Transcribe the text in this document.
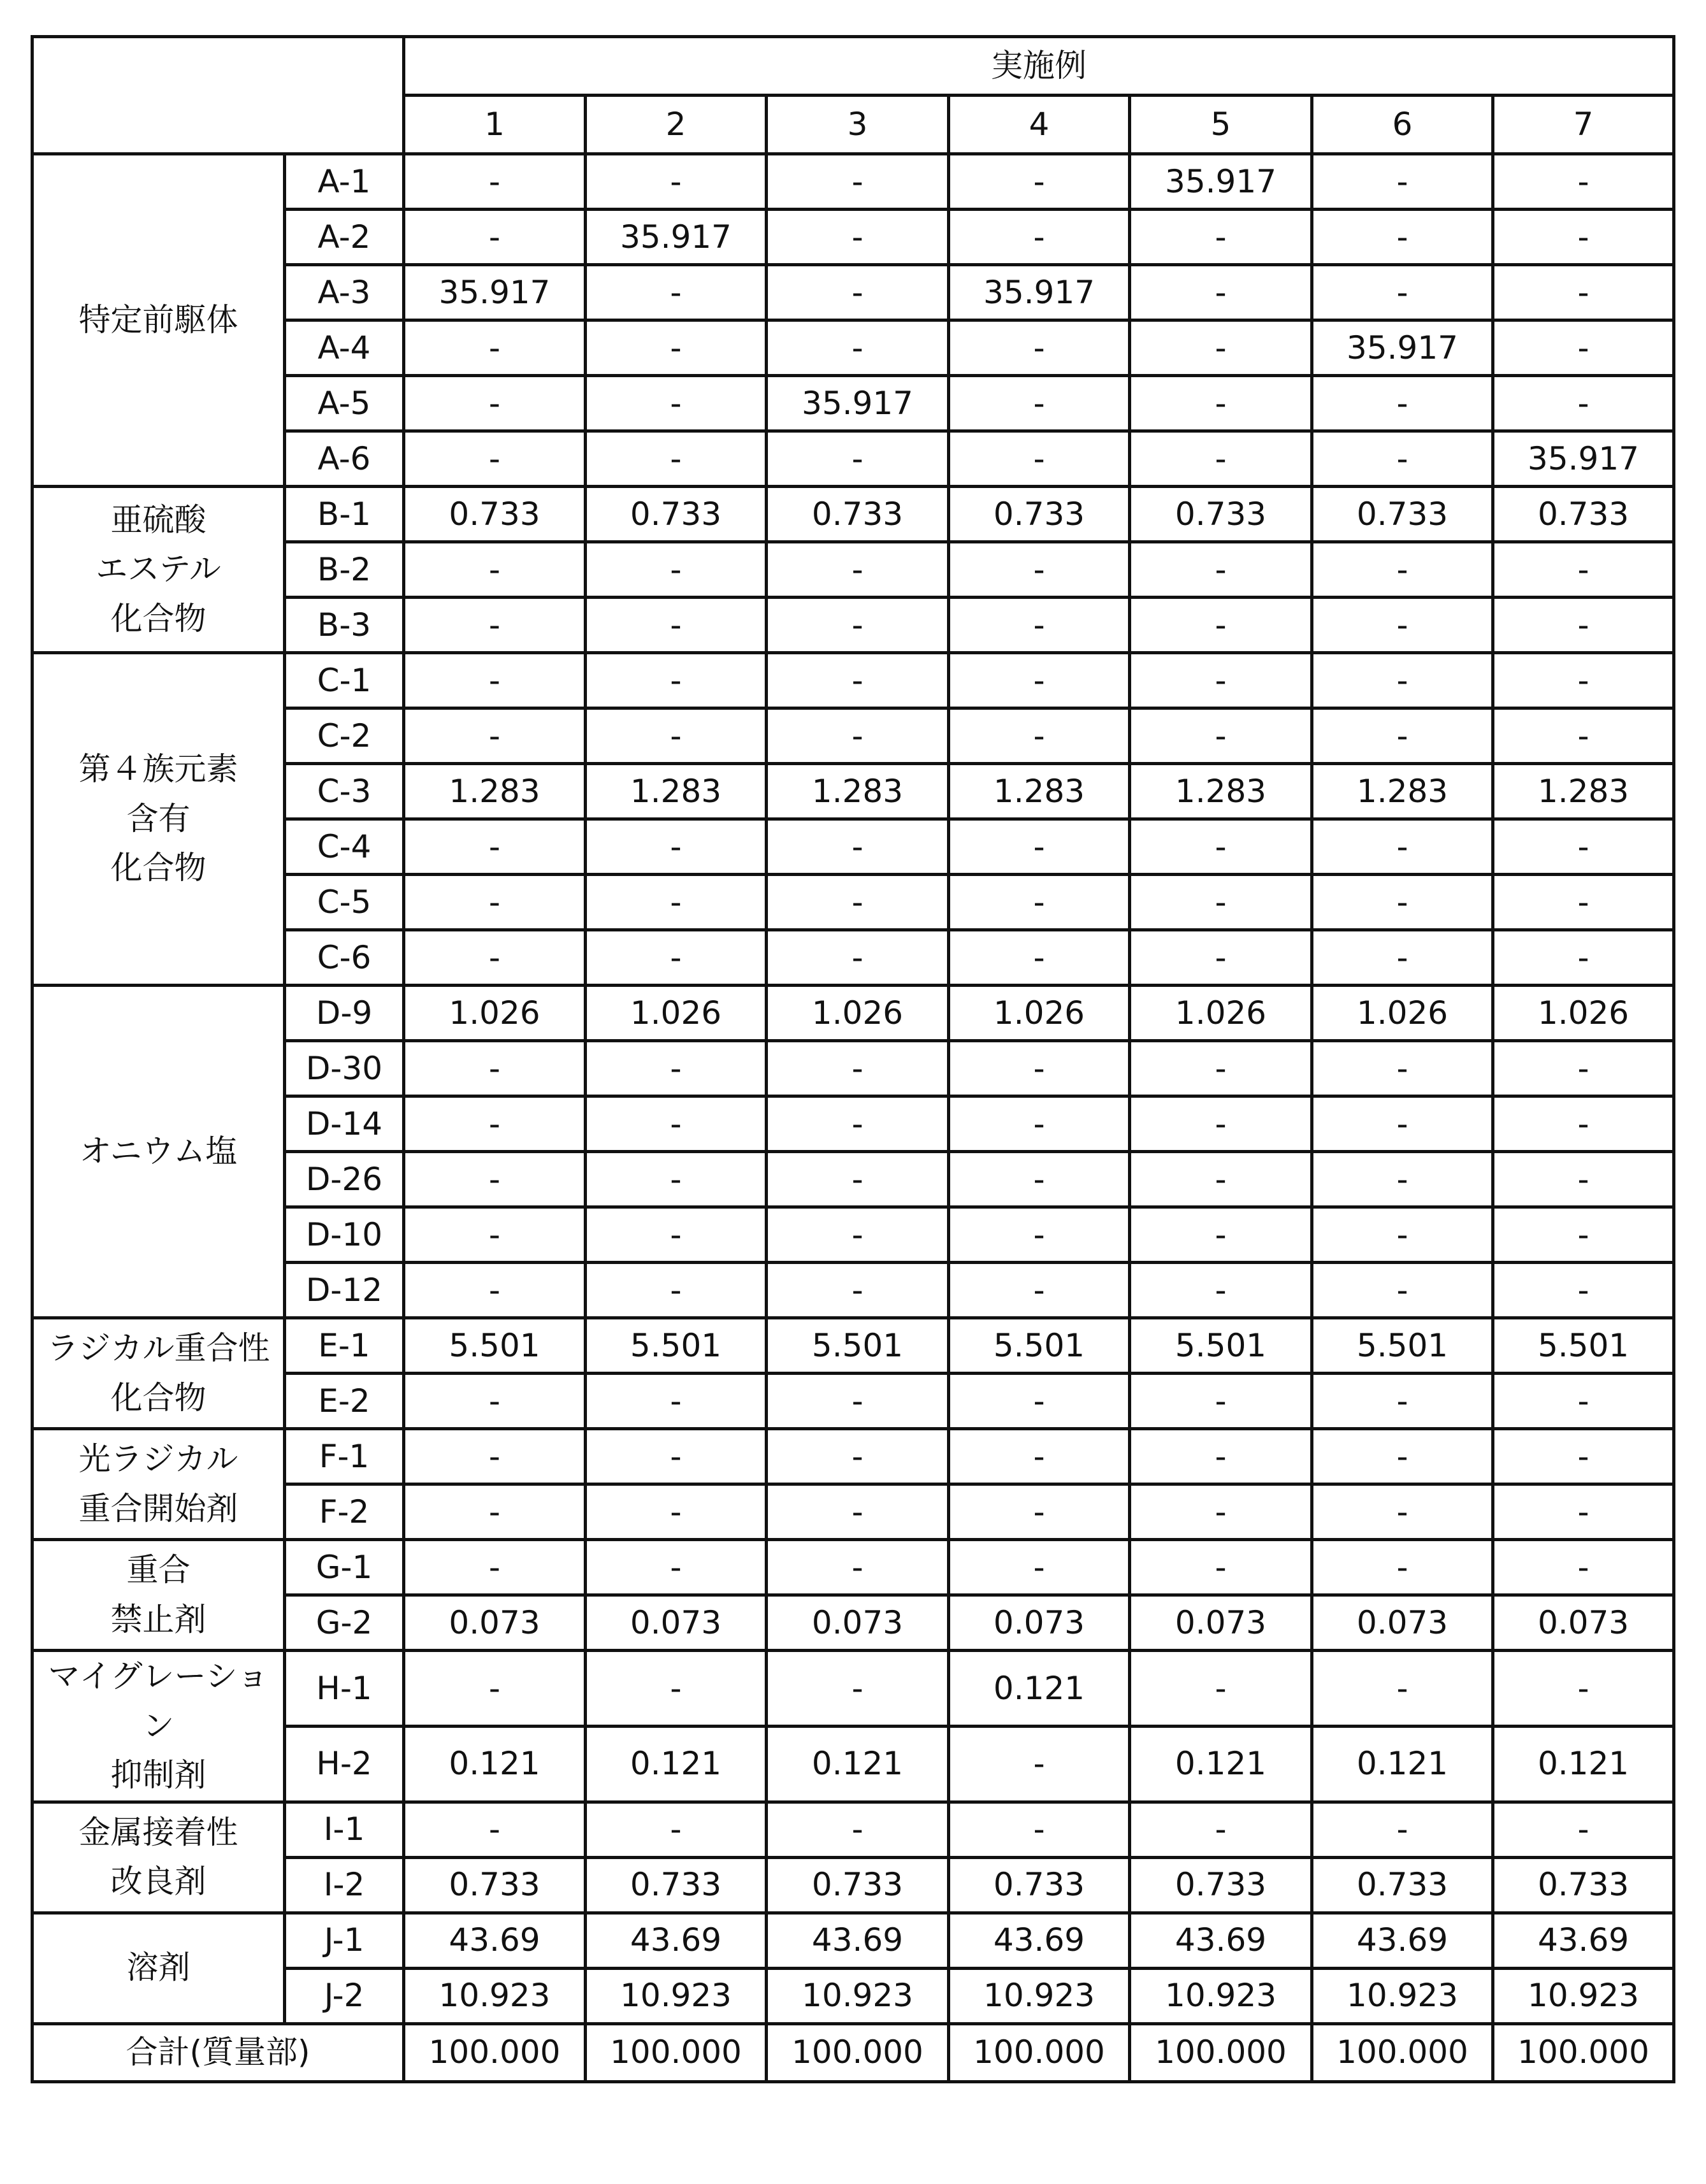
	実施例
1	2	3	4	5	6	7

特定前駆体
	A-1	-	-	-	-	35.917	-	-
A-2	-	35.917	-	-	-	-	-
A-3	35.917	-	-	35.917	-	-	-
A-4	-	-	-	-	-	35.917	-
A-5	-	-	35.917	-	-	-	-
A-6	-	-	-	-	-	-	35.917

亜硫酸
エステル
化合物
	B-1	0.733	0.733	0.733	0.733	0.733	0.733	0.733
B-2	-	-	-	-	-	-	-
B-3	-	-	-	-	-	-	-

第４族元素
含有
化合物
	C-1	-	-	-	-	-	-	-
C-2	-	-	-	-	-	-	-
C-3	1.283	1.283	1.283	1.283	1.283	1.283	1.283
C-4	-	-	-	-	-	-	-
C-5	-	-	-	-	-	-	-
C-6	-	-	-	-	-	-	-

オニウム塩
	D-9	1.026	1.026	1.026	1.026	1.026	1.026	1.026
D-30	-	-	-	-	-	-	-
D-14	-	-	-	-	-	-	-
D-26	-	-	-	-	-	-	-
D-10	-	-	-	-	-	-	-
D-12	-	-	-	-	-	-	-

ラジカル重合性
化合物
	E-1	5.501	5.501	5.501	5.501	5.501	5.501	5.501
E-2	-	-	-	-	-	-	-

光ラジカル
重合開始剤
	F-1	-	-	-	-	-	-	-
F-2	-	-	-	-	-	-	-

重合
禁止剤
	G-1	-	-	-	-	-	-	-
G-2	0.073	0.073	0.073	0.073	0.073	0.073	0.073

マイグレーション
抑制剤
	H-1	-	-	-	0.121	-	-	-
H-2	0.121	0.121	0.121	-	0.121	0.121	0.121

金属接着性
改良剤
	I-1	-	-	-	-	-	-	-
I-2	0.733	0.733	0.733	0.733	0.733	0.733	0.733

溶剤
	J-1	43.69	43.69	43.69	43.69	43.69	43.69	43.69
J-2	10.923	10.923	10.923	10.923	10.923	10.923	10.923
合計(質量部)	100.000	100.000	100.000	100.000	100.000	100.000	100.000
